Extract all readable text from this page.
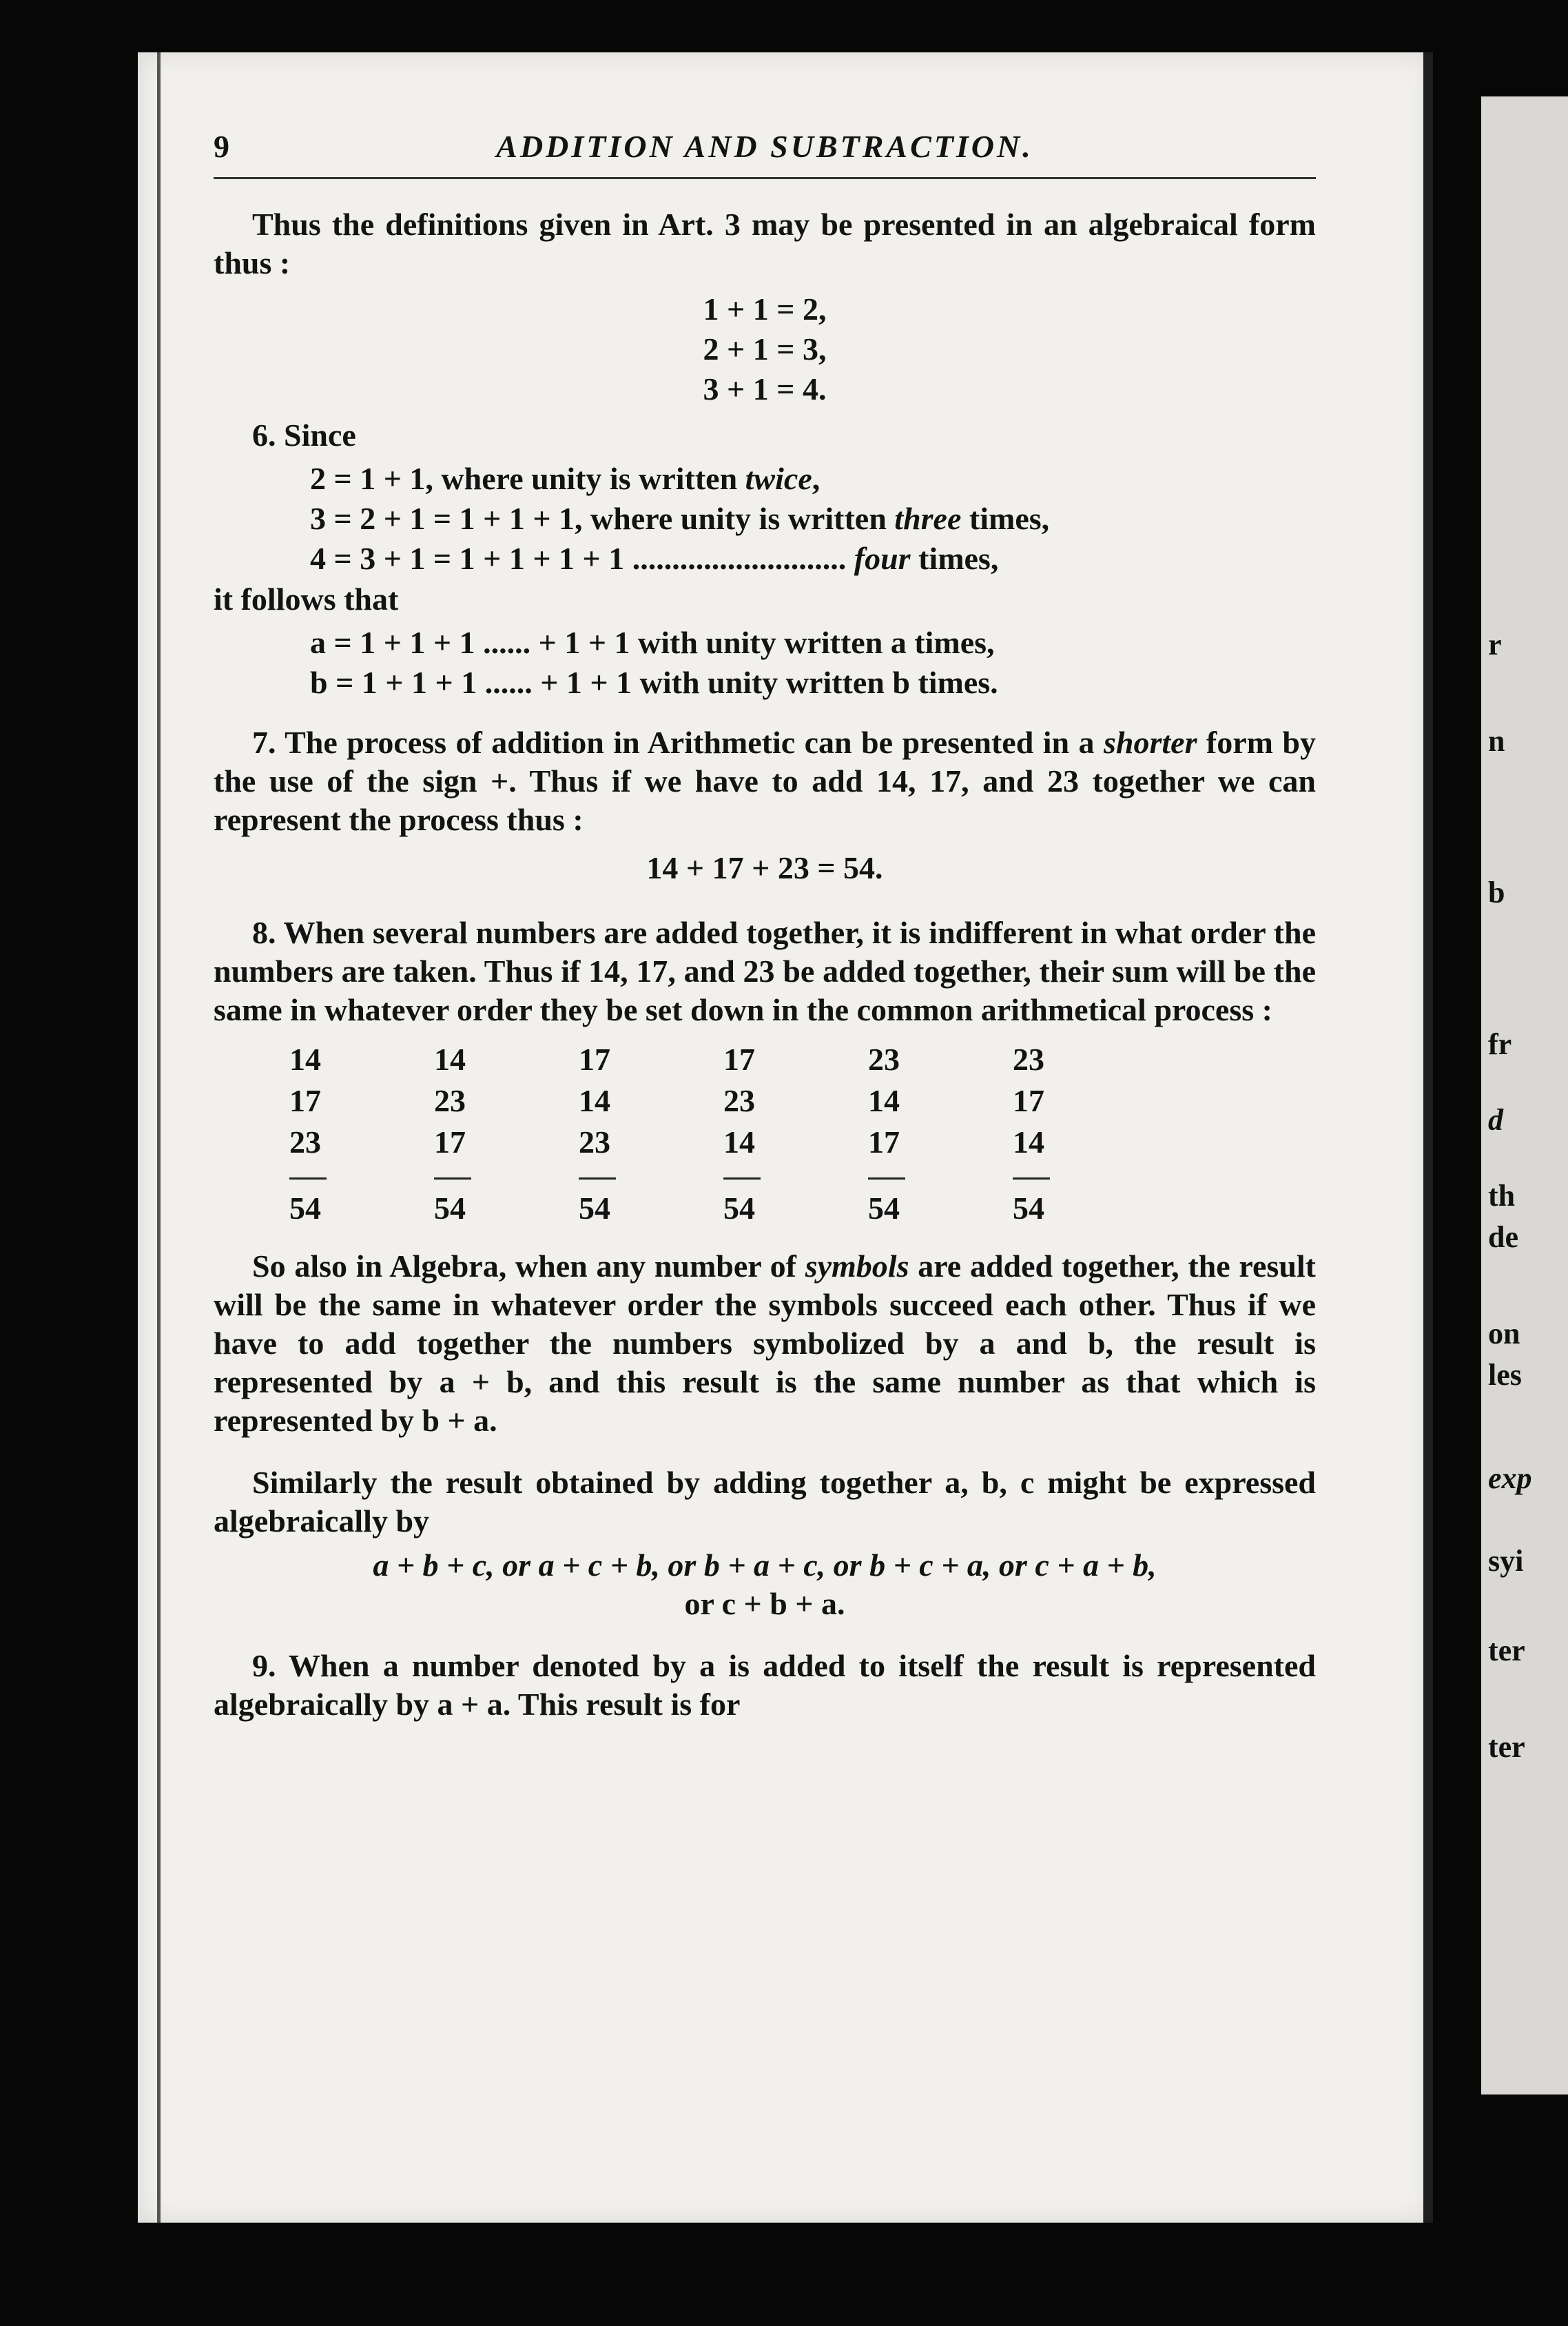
r
n
b
fr
d
th
de
on
les
exp
syi
ter
ter
9	ADDITION AND SUBTRACTION.

Thus the definitions given in Art. 3 may be presented in an algebraical form thus :

1 + 1 = 2,
2 + 1 = 3,
3 + 1 = 4.
6. Since
2 = 1 + 1, where unity is written twice,
3 = 2 + 1 = 1 + 1 + 1, where unity is written three times,
4 = 3 + 1 = 1 + 1 + 1 + 1 ........................... four times,
it follows that
a = 1 + 1 + 1 ...... + 1 + 1 with unity written a times,
b = 1 + 1 + 1 ...... + 1 + 1 with unity written b times.

7. The process of addition in Arithmetic can be presented in a shorter form by the use of the sign +. Thus if we have to add 14, 17, and 23 together we can represent the process thus :

14 + 17 + 23 = 54.

8. When several numbers are added together, it is indifferent in what order the numbers are taken. Thus if 14, 17, and 23 be added together, their sum will be the same in whatever order they be set down in the common arithmetical process :

14	14	17	17	23	23
17	23	14	23	14	17
23	17	23	14	17	14

54	54	54	54	54	54

So also in Algebra, when any number of symbols are added together, the result will be the same in whatever order the symbols succeed each other. Thus if we have to add together the numbers symbolized by a and b, the result is represented by a + b, and this result is the same number as that which is represented by b + a.

Similarly the result obtained by adding together a, b, c might be expressed algebraically by

a + b + c, or a + c + b, or b + a + c, or b + c + a, or c + a + b,
or c + b + a.

9. When a number denoted by a is added to itself the result is represented algebraically by a + a. This result is for
